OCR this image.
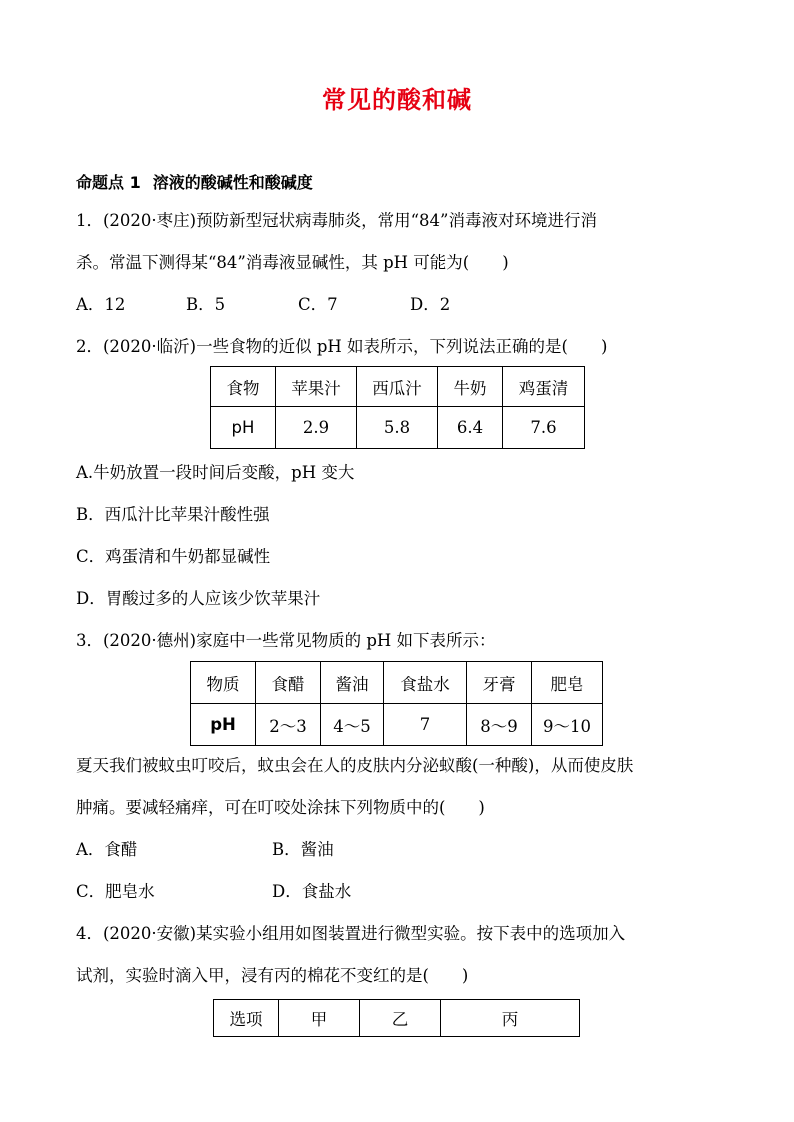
常见的酸和碱
命题点 1 溶液的酸碱性和酸碱度
1．(2020·枣庄)预防新型冠状病毒肺炎，常用“84”消毒液对环境进行消
杀。常温下测得某“84”消毒液显碱性，其 pH 可能为(　　)
A．12	B．5	C．7	D．2
2．(2020·临沂)一些食物的近似 pH 如表所示，下列说法正确的是(　　)
食物	苹果汁	西瓜汁	牛奶	鸡蛋清
pH	2.9	5.8	6.4	7.6
A.牛奶放置一段时间后变酸，pH 变大
B．西瓜汁比苹果汁酸性强
C．鸡蛋清和牛奶都显碱性
D．胃酸过多的人应该少饮苹果汁
3．(2020·德州)家庭中一些常见物质的 pH 如下表所示：
物质	食醋	酱油	食盐水	牙膏	肥皂
pH	2～3	4～5	7	8～9	9～10
夏天我们被蚊虫叮咬后，蚊虫会在人的皮肤内分泌蚁酸(一种酸)，从而使皮肤
肿痛。要减轻痛痒，可在叮咬处涂抹下列物质中的(　　)
A．食醋	B．酱油
C．肥皂水	D．食盐水
4．(2020·安徽)某实验小组用如图装置进行微型实验。按下表中的选项加入
试剂，实验时滴入甲，浸有丙的棉花不变红的是(　　)
选项	甲	乙	丙
